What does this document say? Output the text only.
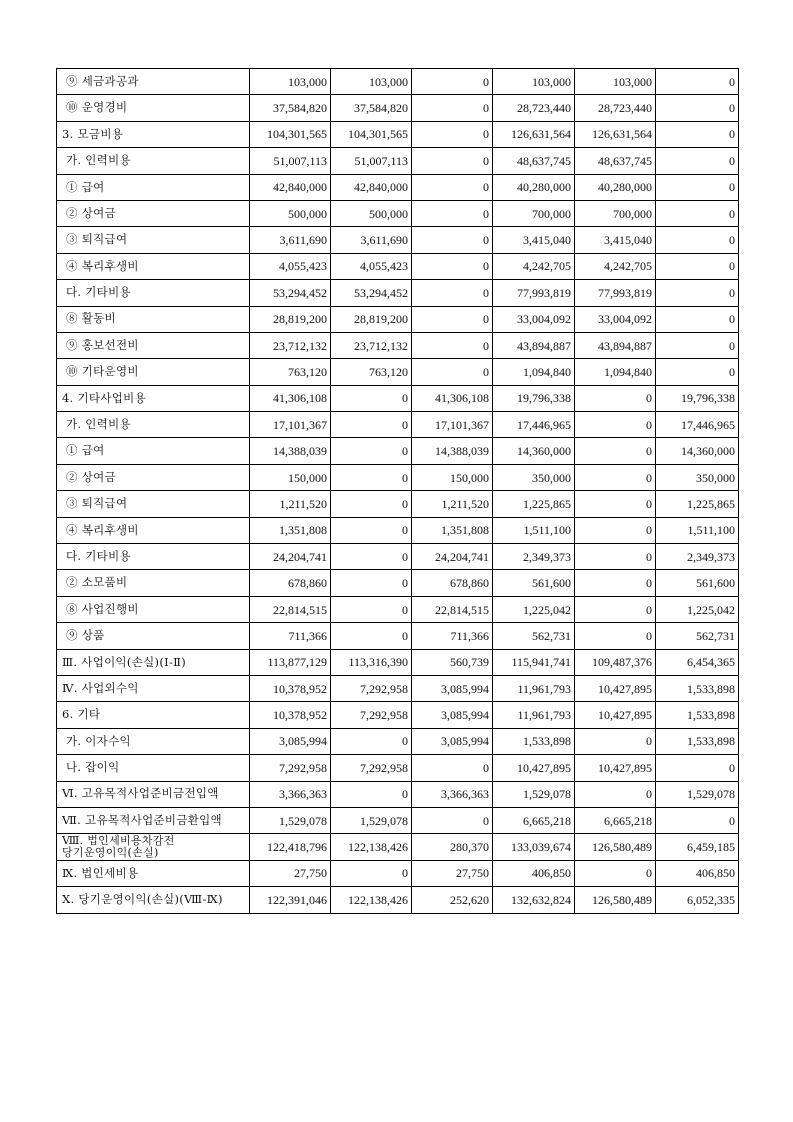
⑨ 세금과공과	103,000	103,000	0	103,000	103,000	0
⑩ 운영경비	37,584,820	37,584,820	0	28,723,440	28,723,440	0
3. 모금비용	104,301,565	104,301,565	0	126,631,564	126,631,564	0
가. 인력비용	51,007,113	51,007,113	0	48,637,745	48,637,745	0
① 급여	42,840,000	42,840,000	0	40,280,000	40,280,000	0
② 상여금	500,000	500,000	0	700,000	700,000	0
③ 퇴직급여	3,611,690	3,611,690	0	3,415,040	3,415,040	0
④ 복리후생비	4,055,423	4,055,423	0	4,242,705	4,242,705	0
다. 기타비용	53,294,452	53,294,452	0	77,993,819	77,993,819	0
⑧ 활동비	28,819,200	28,819,200	0	33,004,092	33,004,092	0
⑨ 홍보선전비	23,712,132	23,712,132	0	43,894,887	43,894,887	0
⑩ 기타운영비	763,120	763,120	0	1,094,840	1,094,840	0
4. 기타사업비용	41,306,108	0	41,306,108	19,796,338	0	19,796,338
가. 인력비용	17,101,367	0	17,101,367	17,446,965	0	17,446,965
① 급여	14,388,039	0	14,388,039	14,360,000	0	14,360,000
② 상여금	150,000	0	150,000	350,000	0	350,000
③ 퇴직급여	1,211,520	0	1,211,520	1,225,865	0	1,225,865
④ 복리후생비	1,351,808	0	1,351,808	1,511,100	0	1,511,100
다. 기타비용	24,204,741	0	24,204,741	2,349,373	0	2,349,373
② 소모품비	678,860	0	678,860	561,600	0	561,600
⑧ 사업진행비	22,814,515	0	22,814,515	1,225,042	0	1,225,042
⑨ 상품	711,366	0	711,366	562,731	0	562,731
Ⅲ. 사업이익(손실)(Ⅰ-Ⅱ)	113,877,129	113,316,390	560,739	115,941,741	109,487,376	6,454,365
Ⅳ. 사업외수익	10,378,952	7,292,958	3,085,994	11,961,793	10,427,895	1,533,898
6. 기타	10,378,952	7,292,958	3,085,994	11,961,793	10,427,895	1,533,898
가. 이자수익	3,085,994	0	3,085,994	1,533,898	0	1,533,898
나. 잡이익	7,292,958	7,292,958	0	10,427,895	10,427,895	0
Ⅵ. 고유목적사업준비금전입액	3,366,363	0	3,366,363	1,529,078	0	1,529,078
Ⅶ. 고유목적사업준비금환입액	1,529,078	1,529,078	0	6,665,218	6,665,218	0

Ⅷ. 법인세비용차감전
당기운영이익(손실)	122,418,796	122,138,426	280,370	133,039,674	126,580,489	6,459,185
Ⅸ. 법인세비용	27,750	0	27,750	406,850	0	406,850
Ⅹ. 당기운영이익(손실)(Ⅷ-Ⅸ)	122,391,046	122,138,426	252,620	132,632,824	126,580,489	6,052,335
